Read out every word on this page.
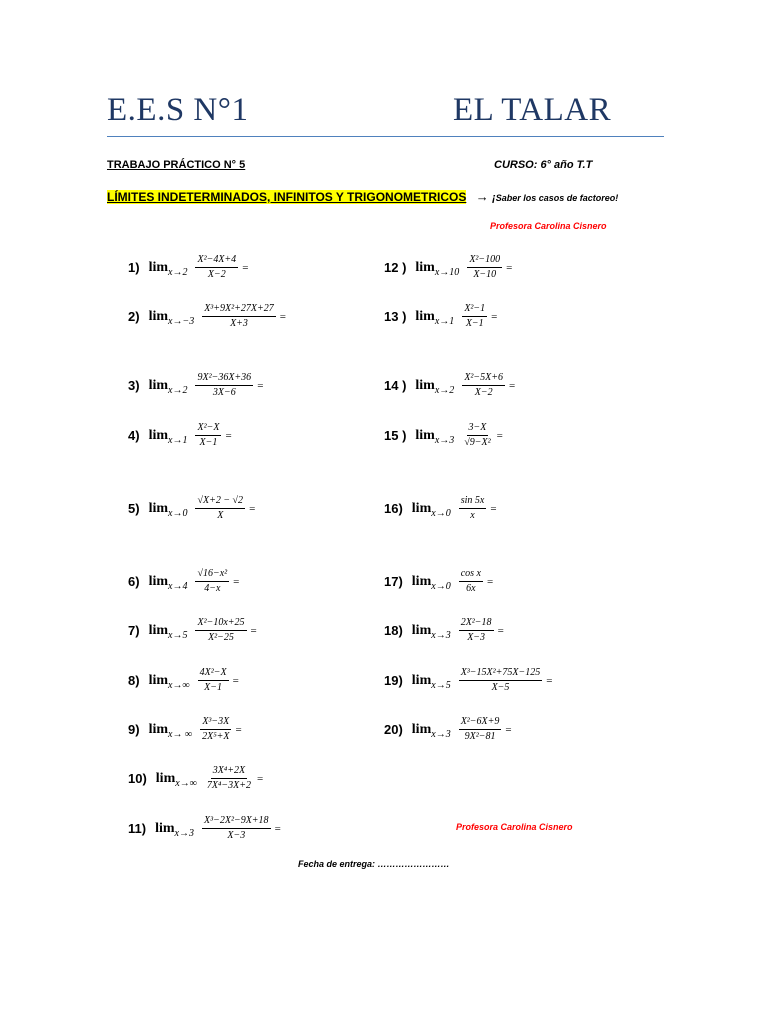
E.E.S N°1	EL TALAR
TRABAJO PRÁCTICO N° 5	CURSO: 6° año T.T
LÍMITES INDETERMINADOS, INFINITOS Y TRIGONOMETRICOS → ¡Saber los casos de factoreo!
Profesora Carolina Cisnero
1) $\lim x\to 2 \frac{\text{X²−4X+4}}{X-2}$ =
2) $\lim x\to-3 \frac{\text{X³+9X²+27X+27}}{X+3}$ =
3) $\lim x\to 2 \frac{\text{9X²−36X+36}}{3X-6}$ =
4) $\lim x\to 1 \frac{\text{X²−X}}{X-1}$ =
5) $\lim x\to 0 \frac{√X+2 - √2}{X}$ =
6) $\lim x\to 4 \frac{\text{√16−x²}}{4-x}$ =
7) $\lim x\to 5 \frac{\text{X²−10x+25}}{\text{X²−25}}$ =
8) $\lim x\to\infty \frac{\text{4X²−X}}{X-1}$ =
9) lim x→ ∞ $\frac{\text{X³−3X}}{\text{2X⁵+X}}$ =
10) $\lim x\to\infty \frac{\text{3X⁴+2X}}{\text{7X⁴−3X+2}}$ =
11) $\lim x\to 3 \frac{\text{X³−2X²−9X+18}}{X-3}$ =
12 ) $\lim x\to 10 \frac{\text{X²−100}}{X-10}$ =
13 ) $\lim x\to 1 \frac{\text{X²−1}}{X-1}$ =
14 ) $\lim x\to 2 \frac{\text{X²−5X+6}}{X-2}$ =
15 ) $\lim x\to 3 \frac{3-X}{\text{√9−X²}}$ =
16) $\lim x\to 0 \frac{\sin 5x}{x}$ =
17) $\lim x\to 0 \frac{\text{cos x}}{6x}$ =
18) $\lim x\to 3 \frac{\text{2X²−18}}{X-3}$ =
19) $\lim x\to 5 \frac{\text{X³−15X²+75X−125}}{X-5}$ =
20) $\lim x\to 3 \frac{\text{X²−6X+9}}{\text{9X²−81}}$ =
Profesora Carolina Cisnero
Fecha de entrega: ……………………
